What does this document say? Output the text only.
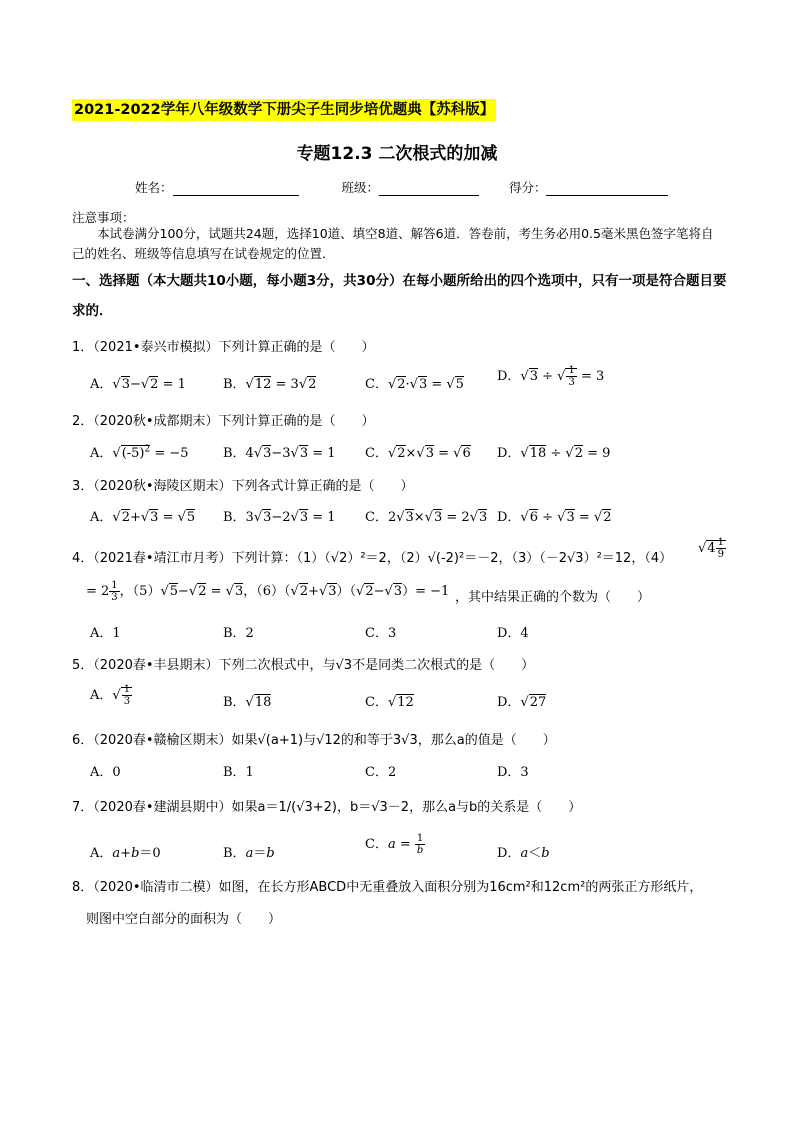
2021-2022学年八年级数学下册尖子生同步培优题典【苏科版】
专题12.3 二次根式的加减
姓名：	班级：	得分：
注意事项：
本试卷满分100分，试题共24题，选择10道、填空8道、解答6道．答卷前，考生务必用0.5毫米黑色签字笔将自己的姓名、班级等信息填写在试卷规定的位置．
一、选择题（本大题共10小题，每小题3分，共30分）在每小题所给出的四个选项中，只有一项是符合题目要求的．
1．（2021•泰兴市模拟）下列计算正确的是（　　）
A．√3−√2 = 1	B．√12 = 3√2	C．√2·√3 = √5
D．√3 ÷ √ $\frac{1}{3} = 3$
2．（2020秋•成都期末）下列计算正确的是（　　）
A．$√(-5)^2 = -5$	B．4√3−3√3 = 1 C．√2×√3 = √6 D．√18 ÷ √2 = 9
3．（2020秋•海陵区期末）下列各式计算正确的是（　　）
A．√2+√3 = √5 B．3√3−2√3 = 1 C．2√3×√3 = 2√3 D．√6 ÷ √3 = √2
4．（2021春•靖江市月考）下列计算：（1）（√2）²＝2，（2）√(-2)²＝－2，（3）（－2√3）²＝12，（4）
$√4 \frac{1}{9}$
= $2 \frac{1}{3}$ ，（5）√5−√2 = √3，（6）（√2+√3）（√2−√3）= −1 ，其中结果正确的个数为（　　）
A．1	B．2	C．3	D．4
5．（2020春•丰县期末）下列二次根式中，与√3不是同类二次根式的是（　　）
A．√ $\frac{1}{3}$	B．√18	C．√12	D．√27
6．（2020春•赣榆区期末）如果√(a+1)与√12的和等于3√3，那么a的值是（　　）
A．0	B．1	C．2	D．3
7．（2020春•建湖县期中）如果a＝1/(√3+2)，b＝√3－2，那么a与b的关系是（　　）
A．a+b＝0	B．a＝b
C．$a = \frac{1}{b}$	D．a＜b
8．（2020•临清市二模）如图，在长方形ABCD中无重叠放入面积分别为16cm²和12cm²的两张正方形纸片，
则图中空白部分的面积为（　　）
